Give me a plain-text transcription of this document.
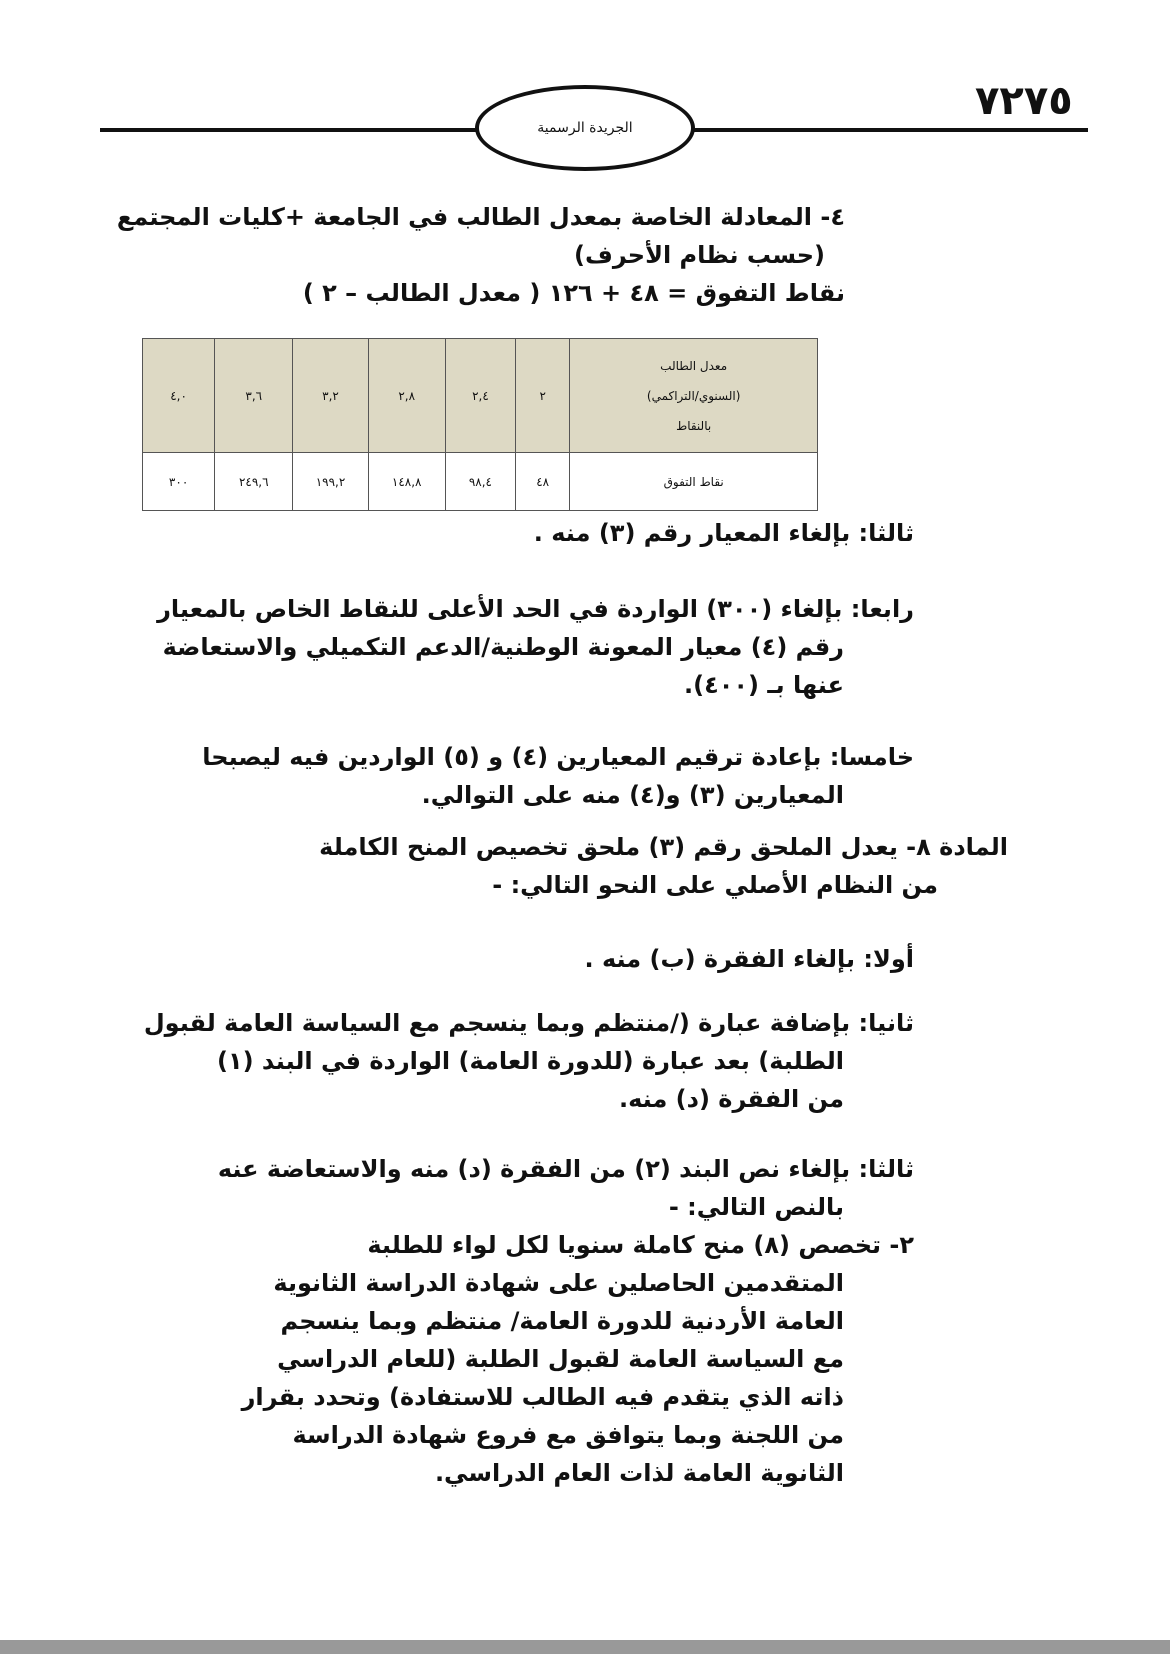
٧٢٧٥
الجريدة الرسمية
٤- المعادلة الخاصة بمعدل الطالب في الجامعة +كليات المجتمع
(حسب نظام الأحرف)
نقاط التفوق = ٤٨ + ١٢٦ ( معدل الطالب – ٢ )
معدل الطالب
(السنوي/التراكمي)
بالنقاط	٢	٢,٤	٢,٨	٣,٢	٣,٦	٤,٠
نقاط التفوق	٤٨	٩٨,٤	١٤٨,٨	١٩٩,٢	٢٤٩,٦	٣٠٠
ثالثا: بإلغاء المعيار رقم (٣) منه .
رابعا: بإلغاء (٣٠٠) الواردة في الحد الأعلى للنقاط الخاص بالمعيار
رقم (٤) معيار المعونة الوطنية/الدعم التكميلي والاستعاضة
عنها بـ (٤٠٠).
خامسا: بإعادة ترقيم المعيارين (٤) و (٥) الواردين فيه ليصبحا
المعيارين (٣) و(٤) منه على التوالي.
المادة ٨- يعدل الملحق رقم (٣) ملحق تخصيص المنح الكاملة
من النظام الأصلي على النحو التالي: -
أولا: بإلغاء الفقرة (ب) منه .
ثانيا: بإضافة عبارة (/منتظم وبما ينسجم مع السياسة العامة لقبول
الطلبة) بعد عبارة (للدورة العامة) الواردة في البند (١)
من الفقرة (د) منه.
ثالثا: بإلغاء نص البند (٢) من الفقرة (د) منه والاستعاضة عنه
بالنص التالي: -
٢- تخصص (٨) منح كاملة سنويا لكل لواء للطلبة
المتقدمين الحاصلين على شهادة الدراسة الثانوية
العامة الأردنية للدورة العامة/ منتظم وبما ينسجم
مع السياسة العامة لقبول الطلبة (للعام الدراسي
ذاته الذي يتقدم فيه الطالب للاستفادة) وتحدد بقرار
من اللجنة وبما يتوافق مع فروع شهادة الدراسة
الثانوية العامة لذات العام الدراسي.
